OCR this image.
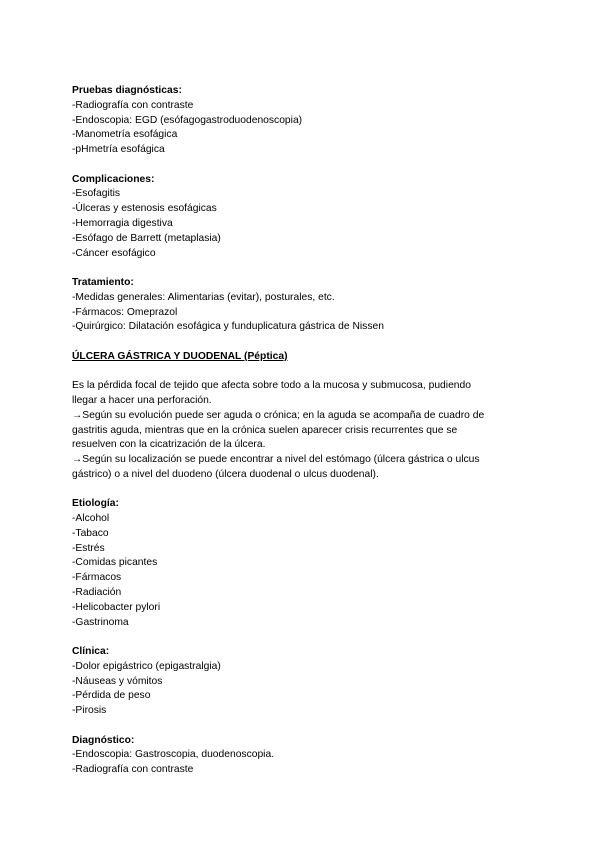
Pruebas diagnósticas:
-Radiografía con contraste
-Endoscopia: EGD (esófagogastroduodenoscopia)
-Manometría esofágica
-pHmetría esofágica
Complicaciones:
-Esofagitis
-Úlceras y estenosis esofágicas
-Hemorragia digestiva
-Esófago de Barrett (metaplasia)
-Cáncer esofágico
Tratamiento:
-Medidas generales: Alimentarias (evitar), posturales, etc.
-Fármacos: Omeprazol
-Quirúrgico: Dilatación esofágica y funduplicatura gástrica de Nissen
ÚLCERA GÁSTRICA Y DUODENAL (Péptica)
Es la pérdida focal de tejido que afecta sobre todo a la mucosa y submucosa, pudiendo
llegar a hacer una perforación.
→Según su evolución puede ser aguda o crónica; en la aguda se acompaña de cuadro de
gastritis aguda, mientras que en la crónica suelen aparecer crisis recurrentes que se
resuelven con la cicatrización de la úlcera.
→Según su localización se puede encontrar a nivel del estómago (úlcera gástrica o ulcus
gástrico) o a nivel del duodeno (úlcera duodenal o ulcus duodenal).
Etiología:
-Alcohol
-Tabaco
-Estrés
-Comidas picantes
-Fármacos
-Radiación
-Helicobacter pylori
-Gastrinoma
Clínica:
-Dolor epigástrico (epigastralgia)
-Náuseas y vómitos
-Pérdida de peso
-Pirosis
Diagnóstico:
-Endoscopia: Gastroscopia, duodenoscopia.
-Radiografía con contraste
